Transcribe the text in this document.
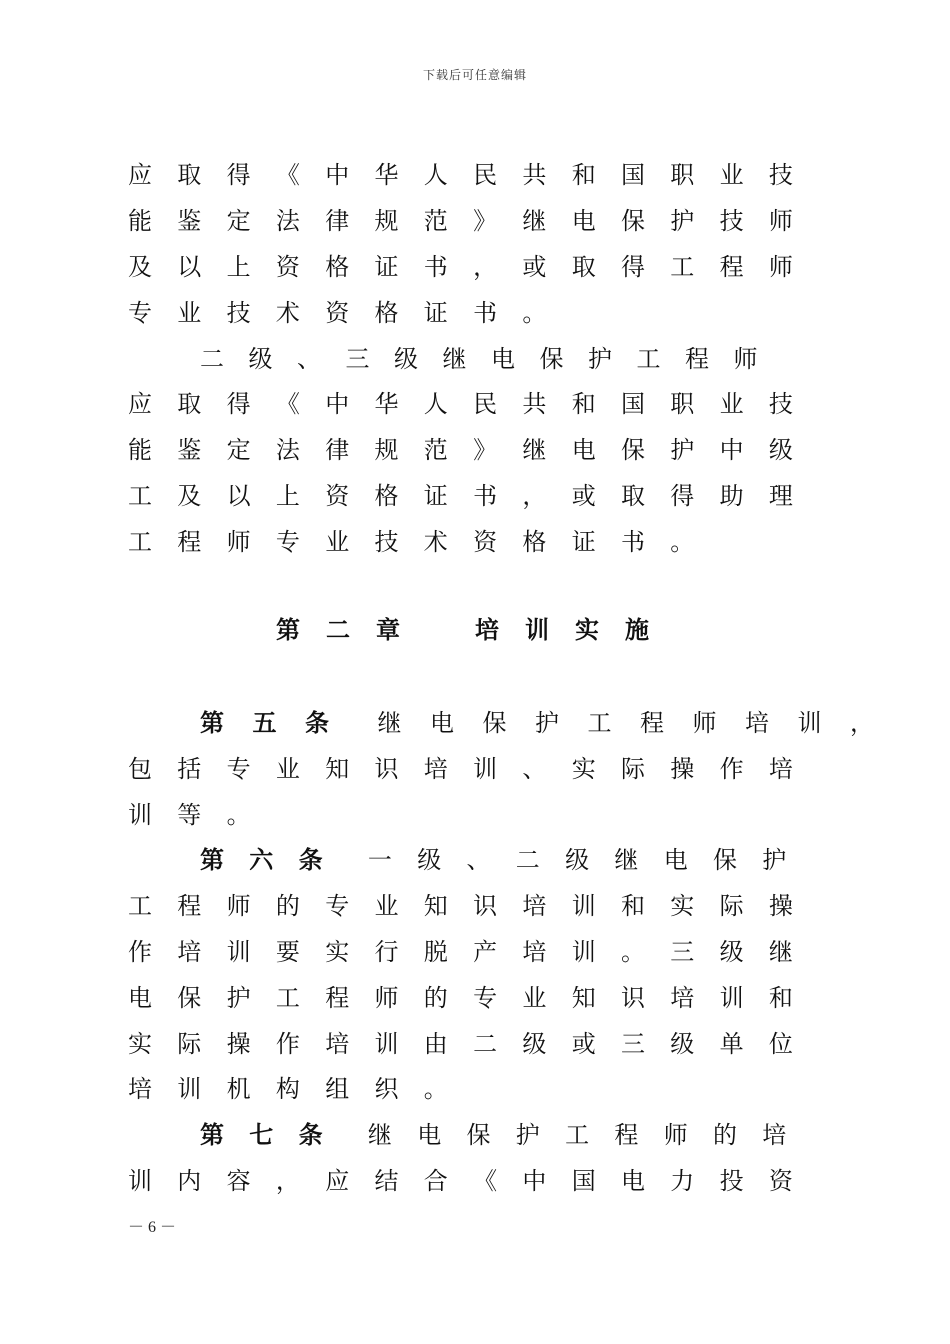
下载后可任意编辑
应	取	得	《	中	华	人	民	共	和	国	职	业	技
能	鉴	定	法	律	规	范	》	继	电	保	护	技	师
及	以	上	资	格	证	书	，	或	取	得	工	程	师
专	业	技	术	资	格	证	书	。
二	级	、	三	级	继	电	保	护	工	程	师
应	取	得	《	中	华	人	民	共	和	国	职	业	技
能	鉴	定	法	律	规	范	》	继	电	保	护	中	级
工	及	以	上	资	格	证	书	，	或	取	得	助	理
工	程	师	专	业	技	术	资	格	证	书	。
第	二	章	培	训	实	施
第	五	条	继	电	保	护	工	程	师	培	训	，
包	括	专	业	知	识	培	训	、	实	际	操	作	培
训	等	。
第	六	条	一	级	、	二	级	继	电	保	护
工	程	师	的	专	业	知	识	培	训	和	实	际	操
作	培	训	要	实	行	脱	产	培	训	。	三	级	继
电	保	护	工	程	师	的	专	业	知	识	培	训	和
实	际	操	作	培	训	由	二	级	或	三	级	单	位
培	训	机	构	组	织	。
第	七	条	继	电	保	护	工	程	师	的	培
训	内	容	，	应	结	合	《	中	国	电	力	投	资
－ 6 －
